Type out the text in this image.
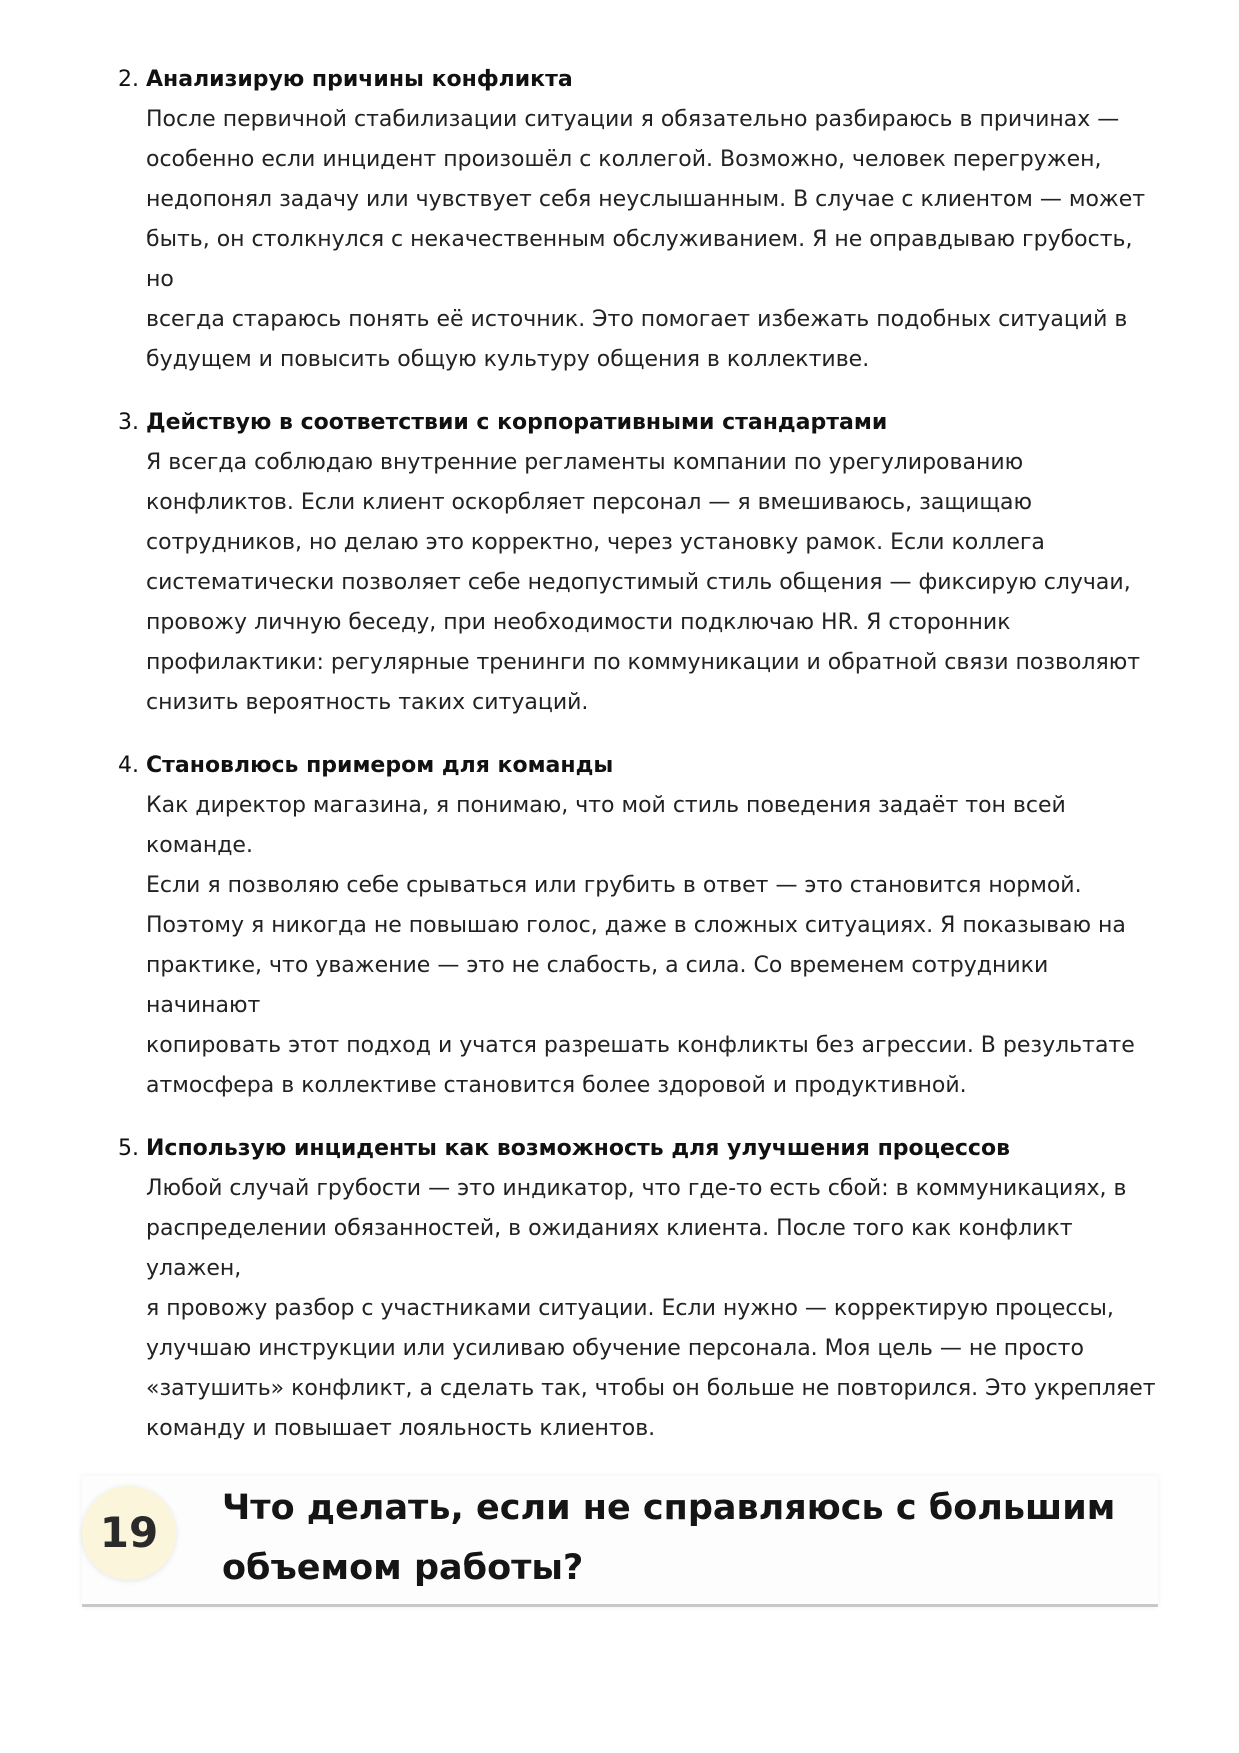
2. Анализирую причины конфликта
После первичной стабилизации ситуации я обязательно разбираюсь в причинах —
особенно если инцидент произошёл с коллегой. Возможно, человек перегружен,
недопонял задачу или чувствует себя неуслышанным. В случае с клиентом — может
быть, он столкнулся с некачественным обслуживанием. Я не оправдываю грубость, но
всегда стараюсь понять её источник. Это помогает избежать подобных ситуаций в
будущем и повысить общую культуру общения в коллективе.
3. Действую в соответствии с корпоративными стандартами
Я всегда соблюдаю внутренние регламенты компании по урегулированию
конфликтов. Если клиент оскорбляет персонал — я вмешиваюсь, защищаю
сотрудников, но делаю это корректно, через установку рамок. Если коллега
систематически позволяет себе недопустимый стиль общения — фиксирую случаи,
провожу личную беседу, при необходимости подключаю HR. Я сторонник
профилактики: регулярные тренинги по коммуникации и обратной связи позволяют
снизить вероятность таких ситуаций.
4. Становлюсь примером для команды
Как директор магазина, я понимаю, что мой стиль поведения задаёт тон всей команде.
Если я позволяю себе срываться или грубить в ответ — это становится нормой.
Поэтому я никогда не повышаю голос, даже в сложных ситуациях. Я показываю на
практике, что уважение — это не слабость, а сила. Со временем сотрудники начинают
копировать этот подход и учатся разрешать конфликты без агрессии. В результате
атмосфера в коллективе становится более здоровой и продуктивной.
5. Использую инциденты как возможность для улучшения процессов
Любой случай грубости — это индикатор, что где-то есть сбой: в коммуникациях, в
распределении обязанностей, в ожиданиях клиента. После того как конфликт улажен,
я провожу разбор с участниками ситуации. Если нужно — корректирую процессы,
улучшаю инструкции или усиливаю обучение персонала. Моя цель — не просто
«затушить» конфликт, а сделать так, чтобы он больше не повторился. Это укрепляет
команду и повышает лояльность клиентов.
19	Что делать, если не справляюсь с большим
объемом работы?
